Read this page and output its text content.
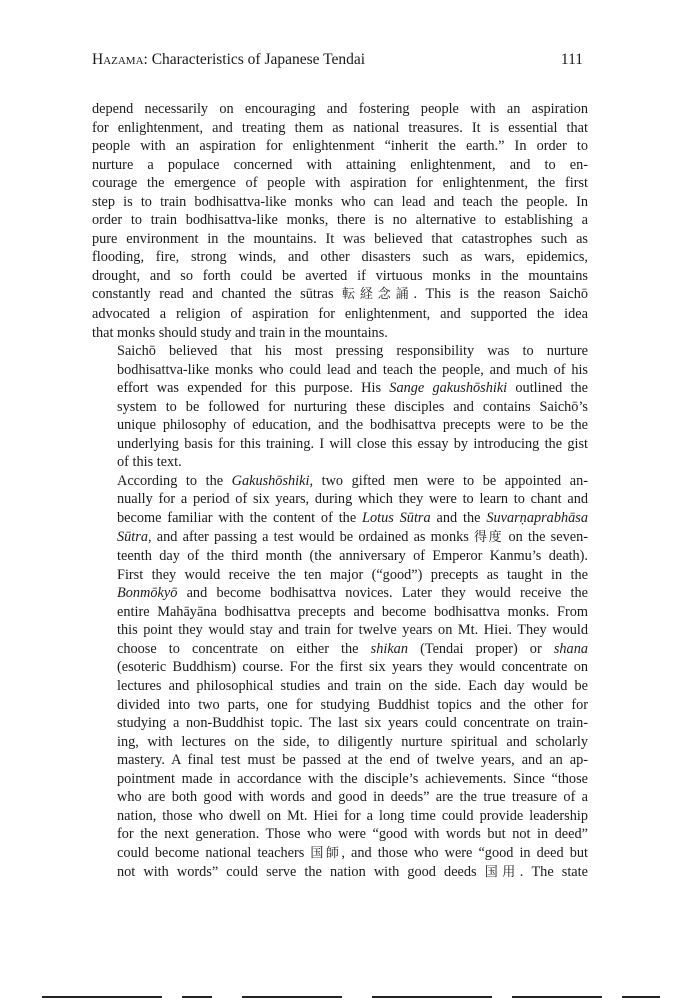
Hazama: Characteristics of Japanese Tendai	111

depend necessarily on encouraging and fostering people with an aspiration
for enlightenment, and treating them as national treasures. It is essential that
people with an aspiration for enlightenment “inherit the earth.” In order to
nurture a populace concerned with attaining enlightenment, and to en-
courage the emergence of people with aspiration for enlightenment, the first
step is to train bodhisattva-like monks who can lead and teach the people. In
order to train bodhisattva-like monks, there is no alternative to establishing a
pure environment in the mountains. It was believed that catastrophes such as
flooding, fire, strong winds, and other disasters such as wars, epidemics,
drought, and so forth could be averted if virtuous monks in the mountains
constantly read and chanted the sūtras 転経念誦. This is the reason Saichō
advocated a religion of aspiration for enlightenment, and supported the idea
that monks should study and train in the mountains.

Saichō believed that his most pressing responsibility was to nurture
bodhisattva-like monks who could lead and teach the people, and much of his
effort was expended for this purpose. His Sange gakushōshiki outlined the
system to be followed for nurturing these disciples and contains Saichō’s
unique philosophy of education, and the bodhisattva precepts were to be the
underlying basis for this training. I will close this essay by introducing the gist
of this text.

According to the Gakushōshiki, two gifted men were to be appointed an-
nually for a period of six years, during which they were to learn to chant and
become familiar with the content of the Lotus Sūtra and the Suvarṇaprabhāsa
Sūtra, and after passing a test would be ordained as monks 得度 on the seven-
teenth day of the third month (the anniversary of Emperor Kanmu’s death).
First they would receive the ten major (“good”) precepts as taught in the
Bonmōkyō and become bodhisattva novices. Later they would receive the
entire Mahāyāna bodhisattva precepts and become bodhisattva monks. From
this point they would stay and train for twelve years on Mt. Hiei. They would
choose to concentrate on either the shikan (Tendai proper) or shana
(esoteric Buddhism) course. For the first six years they would concentrate on
lectures and philosophical studies and train on the side. Each day would be
divided into two parts, one for studying Buddhist topics and the other for
studying a non-Buddhist topic. The last six years could concentrate on train-
ing, with lectures on the side, to diligently nurture spiritual and scholarly
mastery. A final test must be passed at the end of twelve years, and an ap-
pointment made in accordance with the disciple’s achievements. Since “those
who are both good with words and good in deeds” are the true treasure of a
nation, those who dwell on Mt. Hiei for a long time could provide leadership
for the next generation. Those who were “good with words but not in deed”
could become national teachers 国師, and those who were “good in deed but
not with words” could serve the nation with good deeds 国用. The state
